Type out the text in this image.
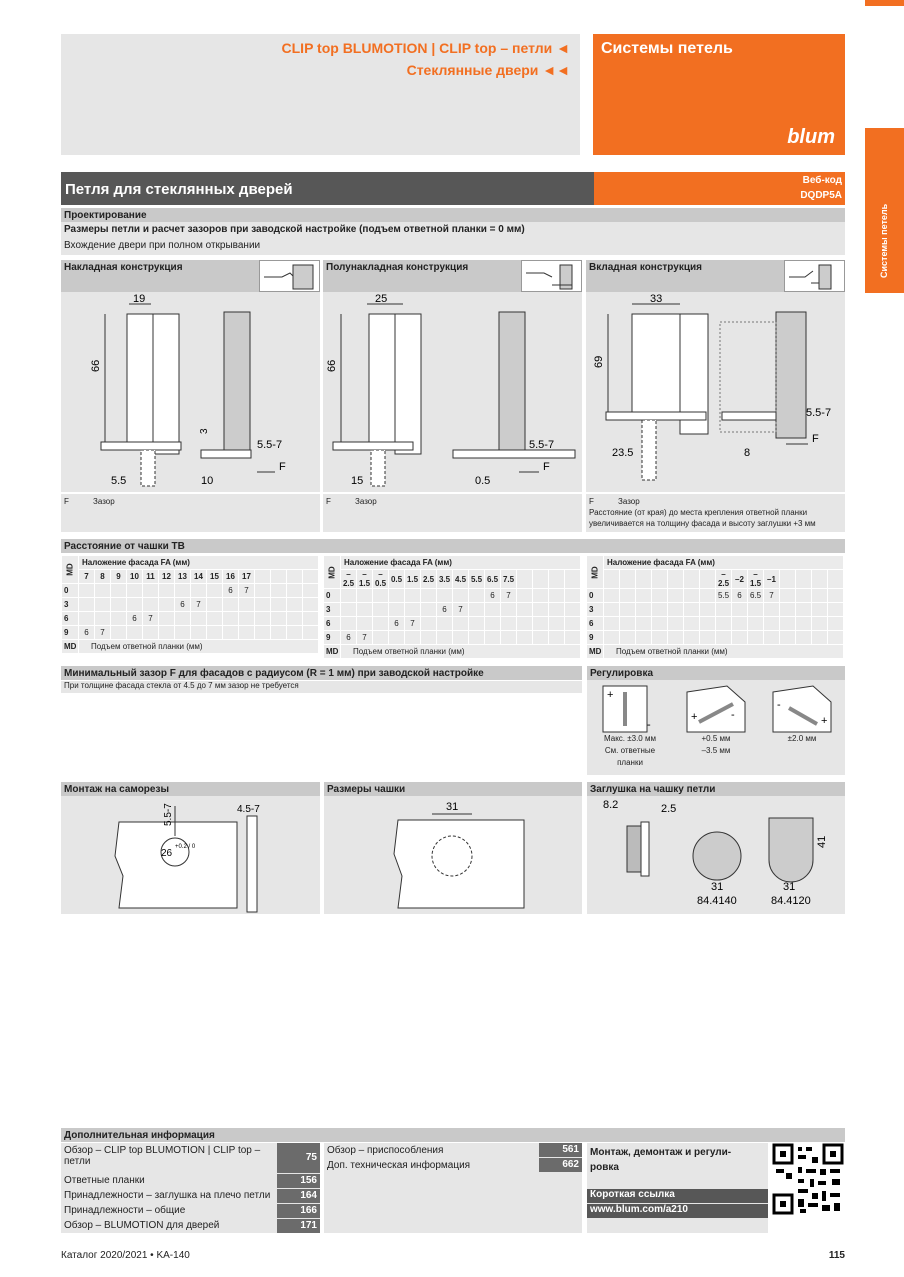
CLIP top BLUMOTION | CLIP top – петли ◄
Стеклянные двери ◄◄
Системы петель
blum
Системы петель
Петля для стеклянных дверей
Веб-код
DQDP5A
Проектирование
Размеры петли и расчет зазоров при заводской настройке (подъем ответной планки = 0 мм)
Вхождение двери при полном открывании
Накладная конструкция
19
66
3
5.5-7
F
5.5	10
F	Зазор
Полунакладная конструкция
25
66
5.5-7
F
15	0.5
F	Зазор
Вкладная конструкция
33
69
5.5-7
F
23.5	8
F	Зазор
Расстояние (от края) до места крепления ответной планки
увеличивается на толщину фасада и высоту заглушки +3 мм
Расстояние от чашки ТВ
MD	Наложение фасада FA (мм)														
	7	8	9	10	11	12	13	14	15	16	17				
0										6	7				
3							6	7							
6				6	7										
9	6	7													
MD	Подъем ответной планки (мм)														
MD	Наложение фасада FA (мм)														
	–2.5	–1.5	–0.5	0.5	1.5	2.5	3.5	4.5	5.5	6.5	7.5				
0										6	7				
3							6	7							
6				6	7										
9	6	7													
MD	Подъем ответной планки (мм)														
MD	Наложение фасада FA (мм)														
								–2.5	–2	–1.5	–1				
0								5.5	6	6.5	7				
3															
6															
9															
MD	Подъем ответной планки (мм)														
Минимальный зазор F для фасадов с радиусом (R = 1 мм) при заводской настройке
При толщине фасада стекла от 4.5 до 7 мм зазор не требуется
Регулировка
+
-
Макс. ±3.0 мм
См. ответные
планки
+	-
+0.5 мм
–3.5 мм
-
+
±2.0 мм
Монтаж на саморезы
5.5-7	4.5-7
26
+0.2 / 0
Размеры чашки
31
Заглушка на чашку петли
8.2	2.5
31
84.4140
31
41
84.4120
Дополнительная информация
Обзор – CLIP top BLUMOTION | CLIP top – петли	75
Ответные планки	156
Принадлежности – заглушка на плечо петли	164
Принадлежности – общие	166
Обзор – BLUMOTION для дверей	171
Обзор – приспособления	561
Доп. техническая информация	662
Монтаж, демонтаж и регули-ровка
Короткая ссылка
www.blum.com/a210
Каталог 2020/2021 • KA-140	115
